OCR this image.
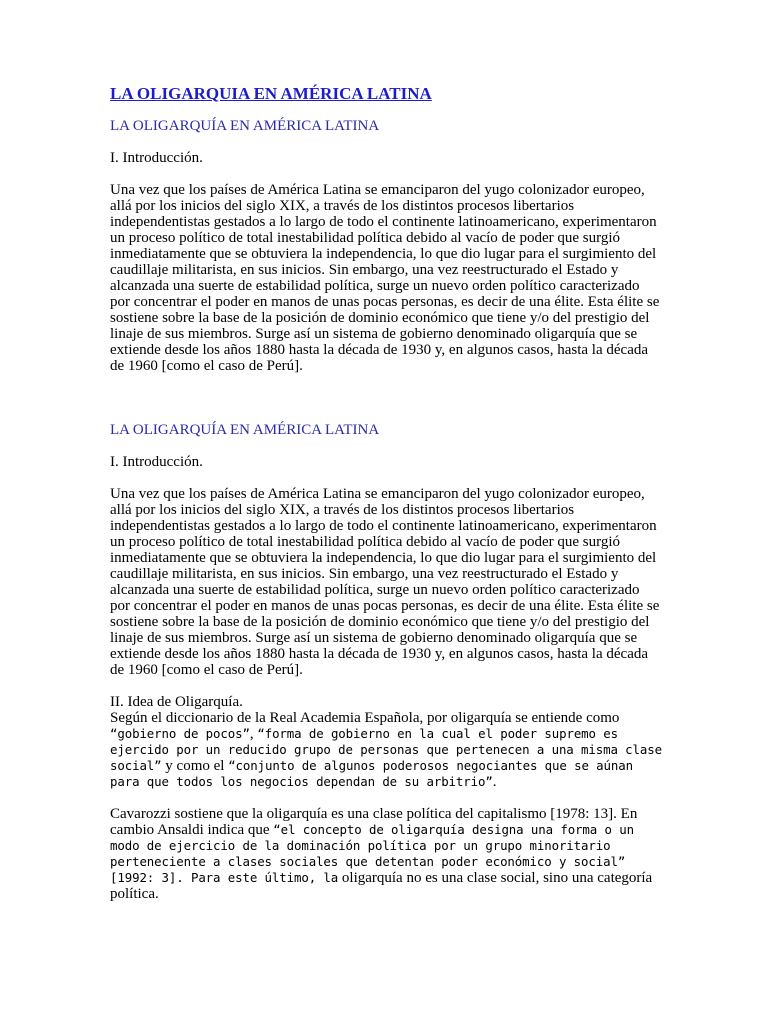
LA OLIGARQUIA EN AMÉRICA LATINA

LA OLIGARQUÍA EN AMÉRICA LATINA

I. Introducción.

Una vez que los países de América Latina se emanciparon del yugo colonizador europeo, allá por los inicios del siglo XIX, a través de los distintos procesos libertarios independentistas gestados a lo largo de todo el continente latinoamericano, experimentaron un proceso político de total inestabilidad política debido al vacío de poder que surgió inmediatamente que se obtuviera la independencia, lo que dio lugar para el surgimiento del caudillaje militarista, en sus inicios. Sin embargo, una vez reestructurado el Estado y alcanzada una suerte de estabilidad política, surge un nuevo orden político caracterizado por concentrar el poder en manos de unas pocas personas, es decir de una élite. Esta élite se sostiene sobre la base de la posición de dominio económico que tiene y/o del prestigio del linaje de sus miembros. Surge así un sistema de gobierno denominado oligarquía que se extiende desde los años 1880 hasta la década de 1930 y, en algunos casos, hasta la década de 1960 [como el caso de Perú].

LA OLIGARQUÍA EN AMÉRICA LATINA

I. Introducción.

Una vez que los países de América Latina se emanciparon del yugo colonizador europeo, allá por los inicios del siglo XIX, a través de los distintos procesos libertarios independentistas gestados a lo largo de todo el continente latinoamericano, experimentaron un proceso político de total inestabilidad política debido al vacío de poder que surgió inmediatamente que se obtuviera la independencia, lo que dio lugar para el surgimiento del caudillaje militarista, en sus inicios. Sin embargo, una vez reestructurado el Estado y alcanzada una suerte de estabilidad política, surge un nuevo orden político caracterizado por concentrar el poder en manos de unas pocas personas, es decir de una élite. Esta élite se sostiene sobre la base de la posición de dominio económico que tiene y/o del prestigio del linaje de sus miembros. Surge así un sistema de gobierno denominado oligarquía que se extiende desde los años 1880 hasta la década de 1930 y, en algunos casos, hasta la década de 1960 [como el caso de Perú].

II. Idea de Oligarquía.

Según el diccionario de la Real Academia Española, por oligarquía se entiende como “gobierno de pocos”, “forma de gobierno en la cual el poder supremo es ejercido por un reducido grupo de personas que pertenecen a una misma clase social” y como el “conjunto de algunos poderosos negociantes que se aúnan para que todos los negocios dependan de su arbitrio”.

Cavarozzi sostiene que la oligarquía es una clase política del capitalismo [1978: 13]. En cambio Ansaldi indica que “el concepto de oligarquía designa una forma o un modo de ejercicio de la dominación política por un grupo minoritario perteneciente a clases sociales que detentan poder económico y social” [1992: 3]. Para este último, la oligarquía no es una clase social, sino una categoría política.
